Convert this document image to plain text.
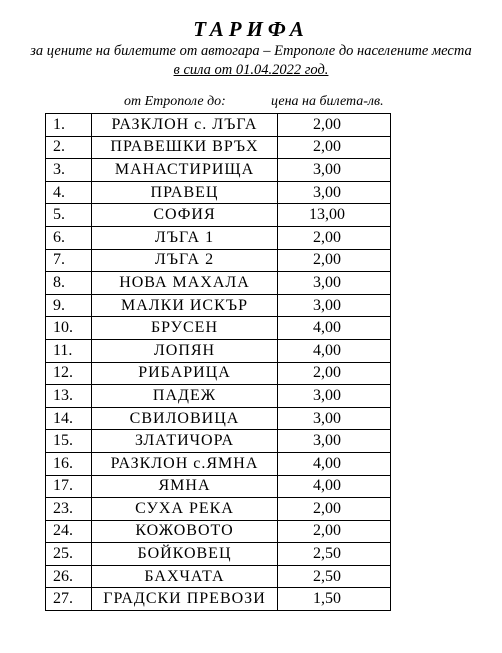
ТАРИФА
за цените на билетите от автогара – Етрополе до населените места
в сила от 01.04.2022 год.
от Етрополе до:	цена на билета-лв.
1.	РАЗКЛОН с. ЛЪГА	2,00
2.	ПРАВЕШКИ ВРЪХ	2,00
3.	МАНАСТИРИЩА	3,00
4.	ПРАВЕЦ	3,00
5.	СОФИЯ	13,00
6.	ЛЪГА 1	2,00
7.	ЛЪГА 2	2,00
8.	НОВА МАХАЛА	3,00
9.	МАЛКИ ИСКЪР	3,00
10.	БРУСЕН	4,00
11.	ЛОПЯН	4,00
12.	РИБАРИЦА	2,00
13.	ПАДЕЖ	3,00
14.	СВИЛОВИЦА	3,00
15.	ЗЛАТИЧОРА	3,00
16.	РАЗКЛОН с.ЯМНА	4,00
17.	ЯМНА	4,00
23.	СУХА РЕКА	2,00
24.	КОЖОВОТО	2,00
25.	БОЙКОВЕЦ	2,50
26.	БАХЧАТА	2,50
27.	ГРАДСКИ ПРЕВОЗИ	1,50
